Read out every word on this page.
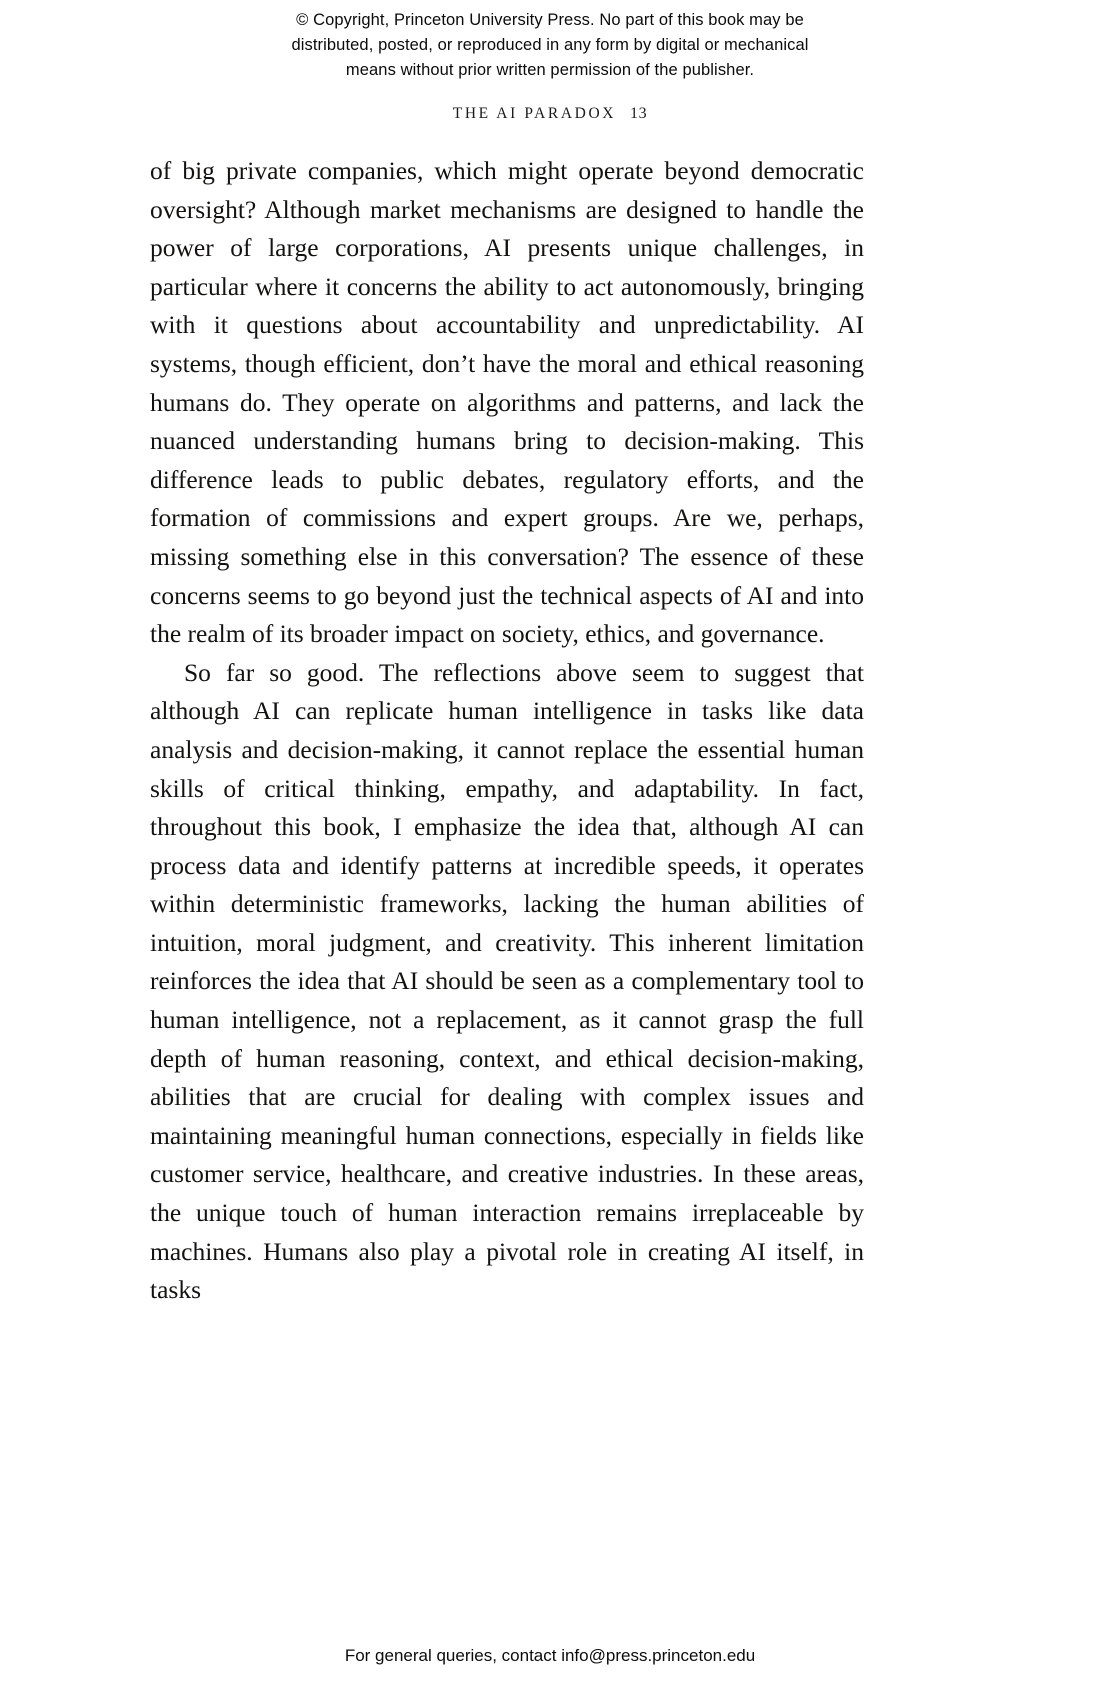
© Copyright, Princeton University Press. No part of this book may be
distributed, posted, or reproduced in any form by digital or mechanical
means without prior written permission of the publisher.
THE AI PARADOX 13

of big private companies, which might operate beyond democratic oversight? Although market mechanisms are designed to handle the power of large corporations, AI presents unique challenges, in particular where it concerns the ability to act autonomously, bringing with it questions about accountability and unpredictability. AI systems, though efficient, don’t have the moral and ethical reasoning humans do. They operate on algorithms and patterns, and lack the nuanced understanding humans bring to decision-making. This difference leads to public debates, regulatory efforts, and the formation of commissions and expert groups. Are we, perhaps, missing something else in this conversation? The essence of these concerns seems to go beyond just the technical aspects of AI and into the realm of its broader impact on society, ethics, and governance.

So far so good. The reflections above seem to suggest that although AI can replicate human intelligence in tasks like data analysis and decision-making, it cannot replace the essential human skills of critical thinking, empathy, and adaptability. In fact, throughout this book, I emphasize the idea that, although AI can process data and identify patterns at incredible speeds, it operates within deterministic frameworks, lacking the human abilities of intuition, moral judgment, and creativity. This inherent limitation reinforces the idea that AI should be seen as a complementary tool to human intelligence, not a replacement, as it cannot grasp the full depth of human reasoning, context, and ethical decision-making, abilities that are crucial for dealing with complex issues and maintaining meaningful human connections, especially in fields like customer service, healthcare, and creative industries. In these areas, the unique touch of human interaction remains irreplaceable by machines. Humans also play a pivotal role in creating AI itself, in tasks

For general queries, contact info@press.princeton.edu
